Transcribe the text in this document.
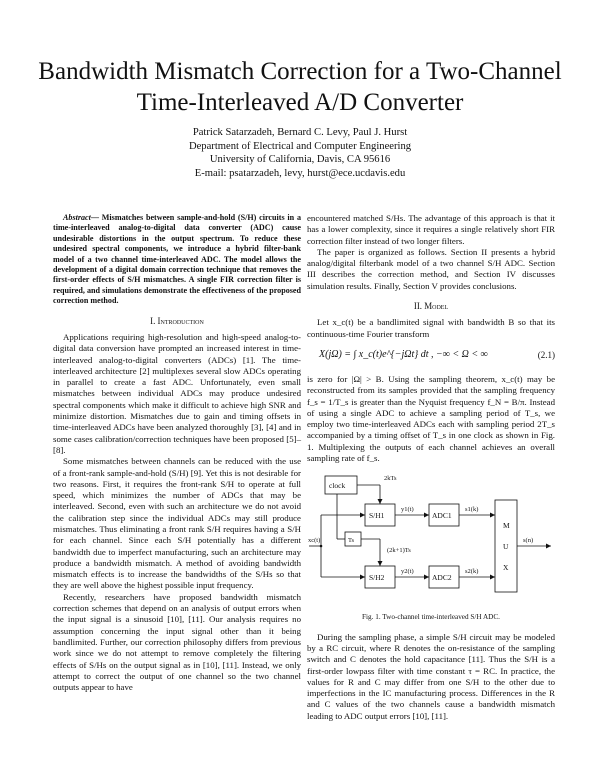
Bandwidth Mismatch Correction for a Two-Channel
Time-Interleaved A/D Converter
Patrick Satarzadeh, Bernard C. Levy, Paul J. Hurst
Department of Electrical and Computer Engineering
University of California, Davis, CA 95616
E-mail: psatarzadeh, levy, hurst@ece.ucdavis.edu

Abstract— Mismatches between sample-and-hold (S/H) circuits in a time-interleaved analog-to-digital data converter (ADC) cause undesirable distortions in the output spectrum. To reduce these undesired spectral components, we introduce a hybrid filter-bank model of a two channel time-interleaved ADC. The model allows the development of a digital domain correction technique that removes the first-order effects of S/H mismatches. A single FIR correction filter is required, and simulations demonstrate the effectiveness of the proposed correction method.

I. Introduction

Applications requiring high-resolution and high-speed analog-to-digital data conversion have prompted an increased interest in time-interleaved analog-to-digital converters (ADCs) [1]. The time-interleaved architecture [2] multiplexes several slow ADCs operating in parallel to create a fast ADC. Unfortunately, even small mismatches between individual ADCs may produce undesired spectral components which make it difficult to achieve high SNR and minimize distortion. Mismatches due to gain and timing offsets in time-interleaved ADCs have been analyzed thoroughly [3], [4] and in some cases calibration/correction techniques have been proposed [5]–[8].

Some mismatches between channels can be reduced with the use of a front-rank sample-and-hold (S/H) [9]. Yet this is not desirable for two reasons. First, it requires the front-rank S/H to operate at full speed, which minimizes the number of ADCs that may be interleaved. Second, even with such an architecture we do not avoid the calibration step since the individual ADCs may still produce mismatches. Thus eliminating a front rank S/H requires having a S/H for each channel. Since each S/H potentially has a different bandwidth due to imperfect manufacturing, such an architecture may produce a bandwidth mismatch. A method of avoiding bandwidth mismatch effects is to increase the bandwidths of the S/Hs so that they are well above the highest possible input frequency.

Recently, researchers have proposed bandwidth mismatch correction schemes that depend on an analysis of output errors when the input signal is a sinusoid [10], [11]. Our analysis requires no assumption concerning the input signal other than it being bandlimited. Further, our correction philosophy differs from previous work since we do not attempt to remove completely the filtering effects of S/Hs on the output signal as in [10], [11]. Instead, we only attempt to correct the output of one channel so the two channel outputs appear to have

encountered matched S/Hs. The advantage of this approach is that it has a lower complexity, since it requires a single relatively short FIR correction filter instead of two longer filters.

The paper is organized as follows. Section II presents a hybrid analog/digital filterbank model of a two channel S/H ADC. Section III describes the correction method, and Section IV discusses simulation results. Finally, Section V provides conclusions.

II. Model

Let x_c(t) be a bandlimited signal with bandwidth B so that its continuous-time Fourier transform

X(jΩ) = ∫ x_c(t)e^{−jΩt} dt , −∞ < Ω < ∞	(2.1)

is zero for |Ω| > B. Using the sampling theorem, x_c(t) may be reconstructed from its samples provided that the sampling frequency f_s = 1/T_s is greater than the Nyquist frequency f_N = B/π. Instead of using a single ADC to achieve a sampling period of T_s, we employ two time-interleaved ADCs each with sampling period 2T_s accompanied by a timing offset of T_s in one clock as shown in Fig. 1. Multiplexing the outputs of each channel achieves an overall sampling rate of f_s.

clock
2kTs
xc(t)	Ts
S/H1
S/H2
y1(t)
y2(t)
(2k+1)Ts
ADC1
ADC2
s1(k)
s2(k)
M
U
X
s(n)
Fig. 1. Two-channel time-interleaved S/H ADC.

During the sampling phase, a simple S/H circuit may be modeled by a RC circuit, where R denotes the on-resistance of the sampling switch and C denotes the hold capacitance [11]. Thus the S/H is a first-order lowpass filter with time constant τ = RC. In practice, the values for R and C may differ from one S/H to the other due to imperfections in the IC manufacturing process. Differences in the R and C values of the two channels cause a bandwidth mismatch leading to ADC output errors [10], [11].
